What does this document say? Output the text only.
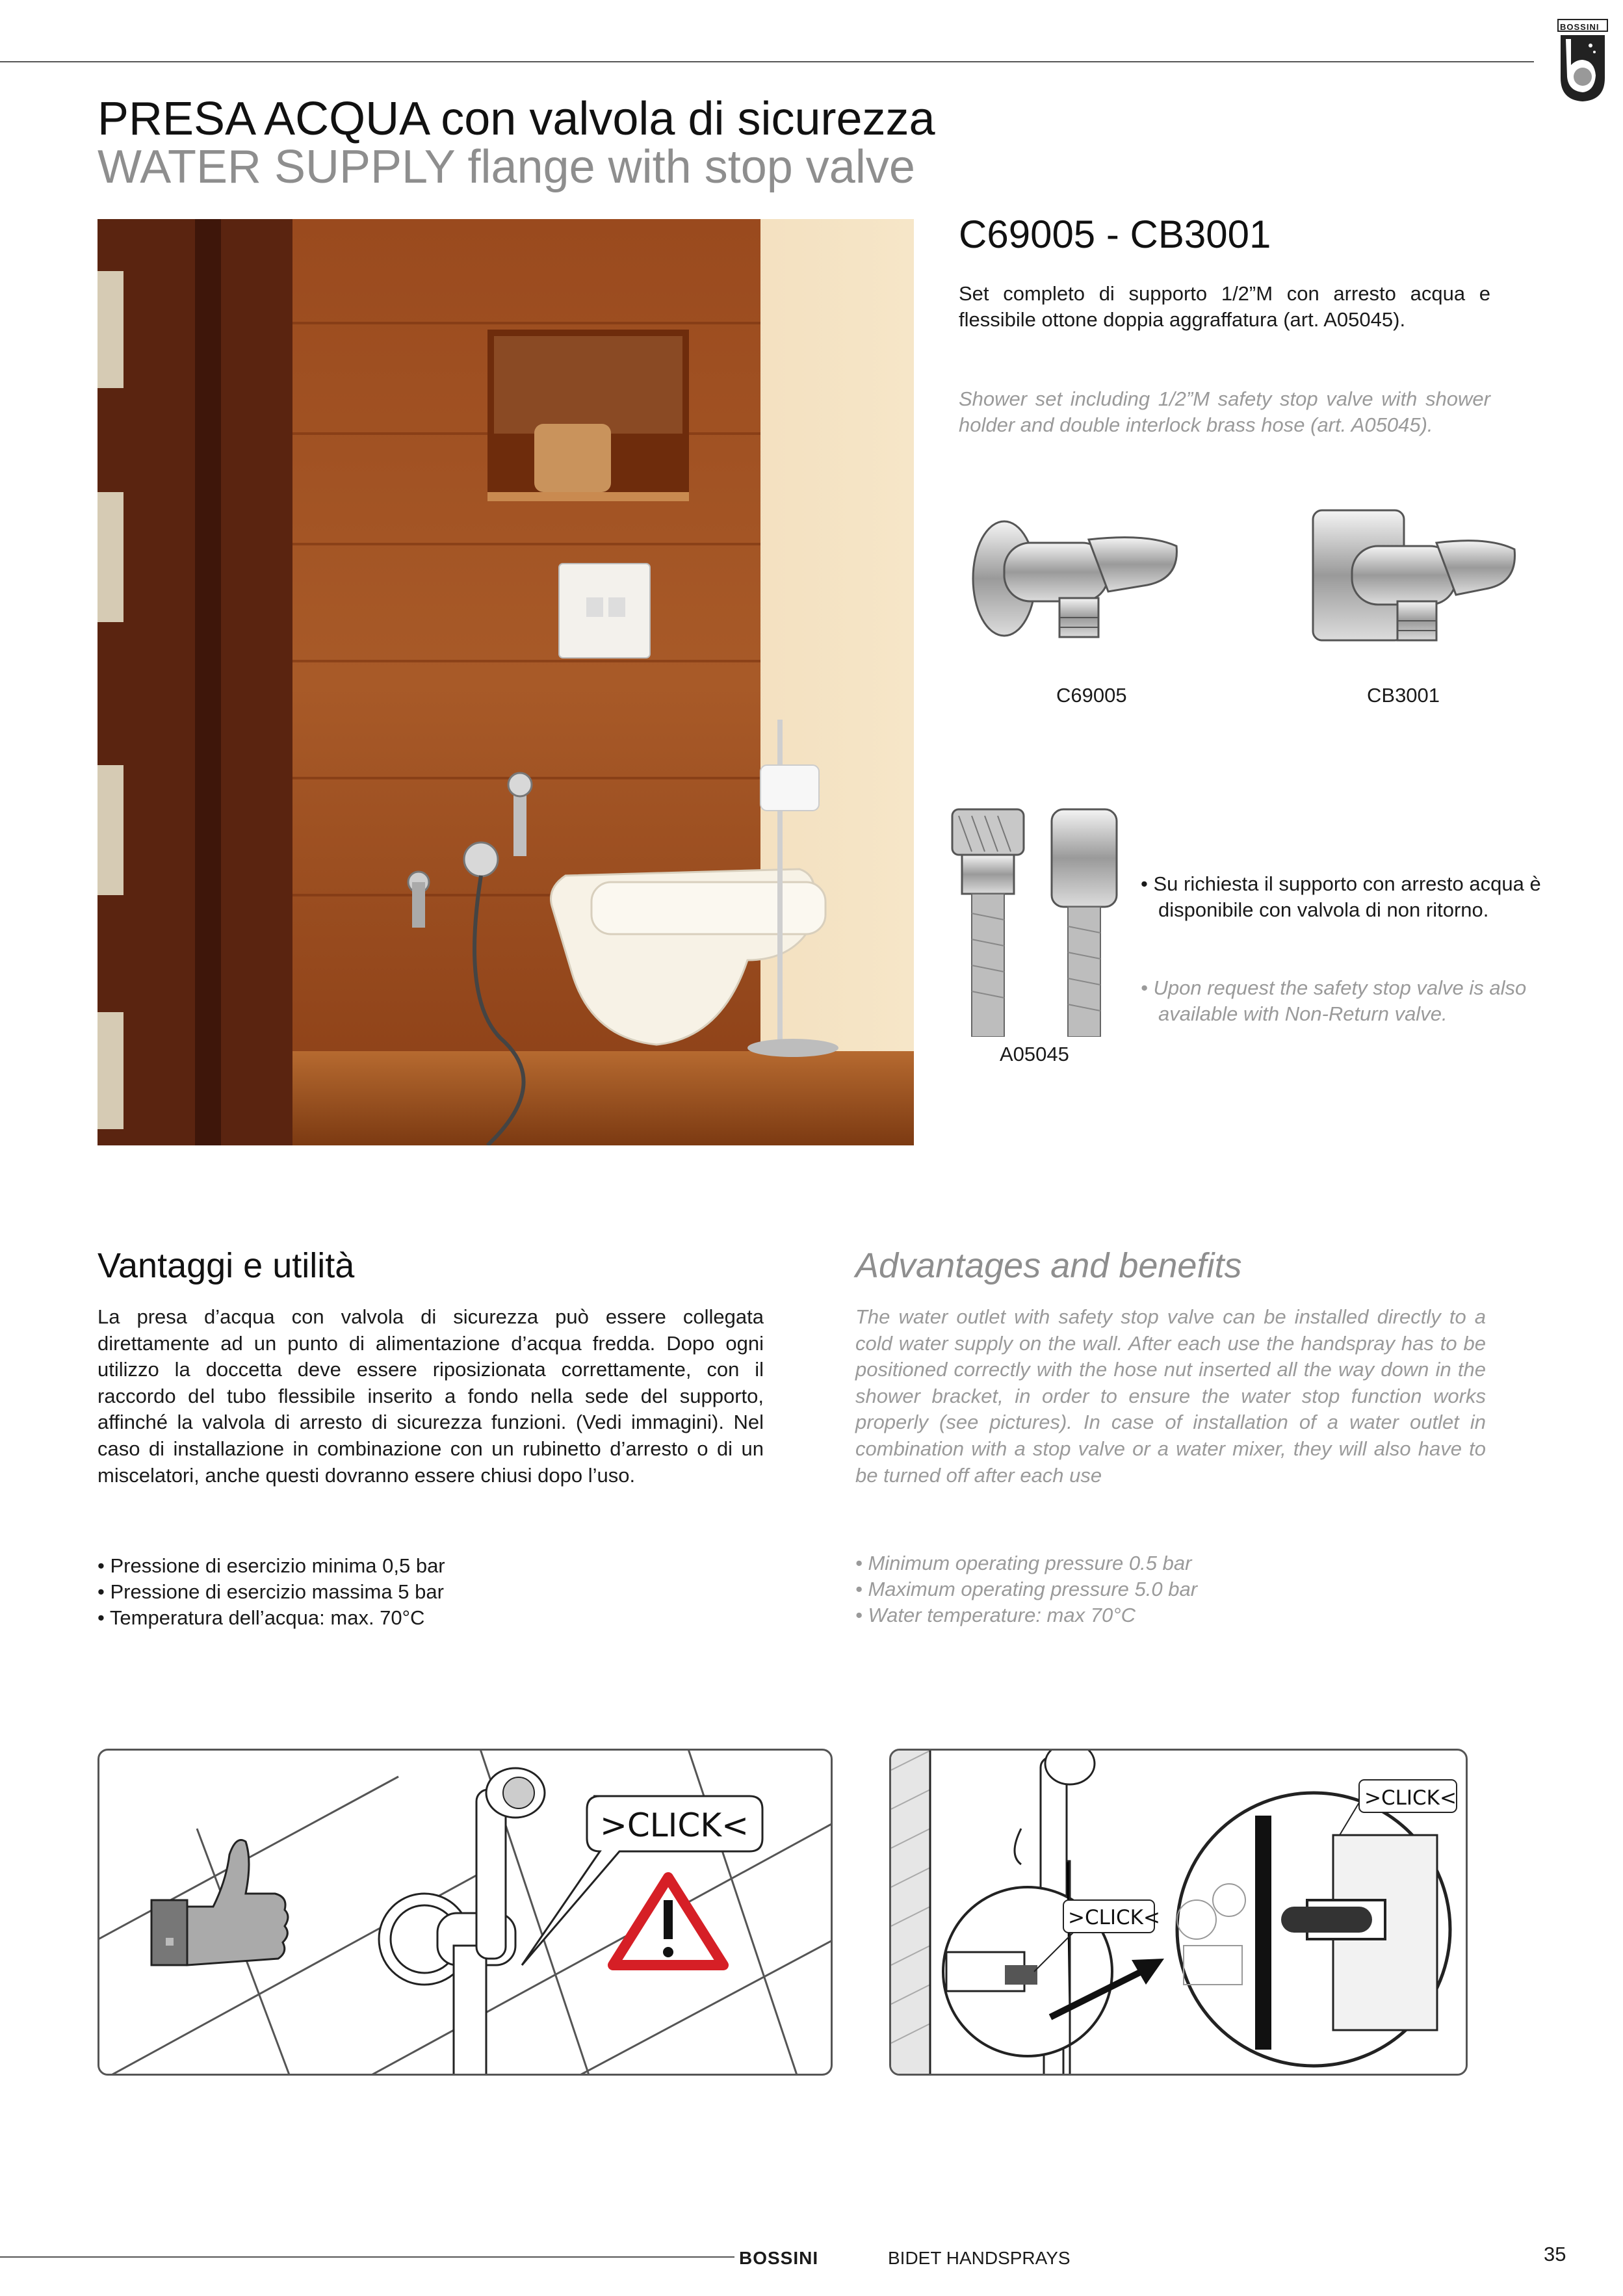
BOSSINI
PRESA ACQUA con valvola di sicurezza
WATER SUPPLY flange with stop valve
C69005 - CB3001
Set completo di supporto 1/2”M con arresto acqua e flessibile ottone doppia aggraffatura (art. A05045).
Shower set including 1/2”M safety stop valve with shower holder and double interlock brass hose (art. A05045).
C69005	CB3001
A05045
• Su richiesta il supporto con arresto acqua è disponibile con valvola di non ritorno.
• Upon request the safety stop valve is also available with Non-Return valve.
Vantaggi e utilità	Advantages and benefits
La presa d’acqua con valvola di sicurezza può essere collegata direttamente ad un punto di alimentazione d’acqua fredda. Dopo ogni utilizzo la doccetta deve essere riposizionata correttamente, con il raccordo del tubo flessibile inserito a fondo nella sede del supporto, affinché la valvola di arresto di sicurezza funzioni. (Vedi immagini). Nel caso di installazione in combinazione con un rubinetto d’arresto o di un miscelatori, anche questi dovranno essere chiusi dopo l’uso.
The water outlet with safety stop valve can be installed directly to a cold water supply on the wall. After each use the handspray has to be positioned correctly with the hose nut inserted all the way down in the shower bracket, in order to ensure the water stop function works properly (see pictures). In case of installation of a water outlet in combination with a stop valve or a water mixer, they will also have to be turned off after each use
• Pressione di esercizio minima 0,5 bar
• Pressione di esercizio massima 5 bar
• Temperatura dell’acqua: max. 70°C
• Minimum operating pressure 0.5 bar
• Maximum operating pressure 5.0 bar
• Water temperature: max 70°C
>CLICK<
>CLICK<
>CLICK<
BOSSINI	BIDET HANDSPRAYS	35
